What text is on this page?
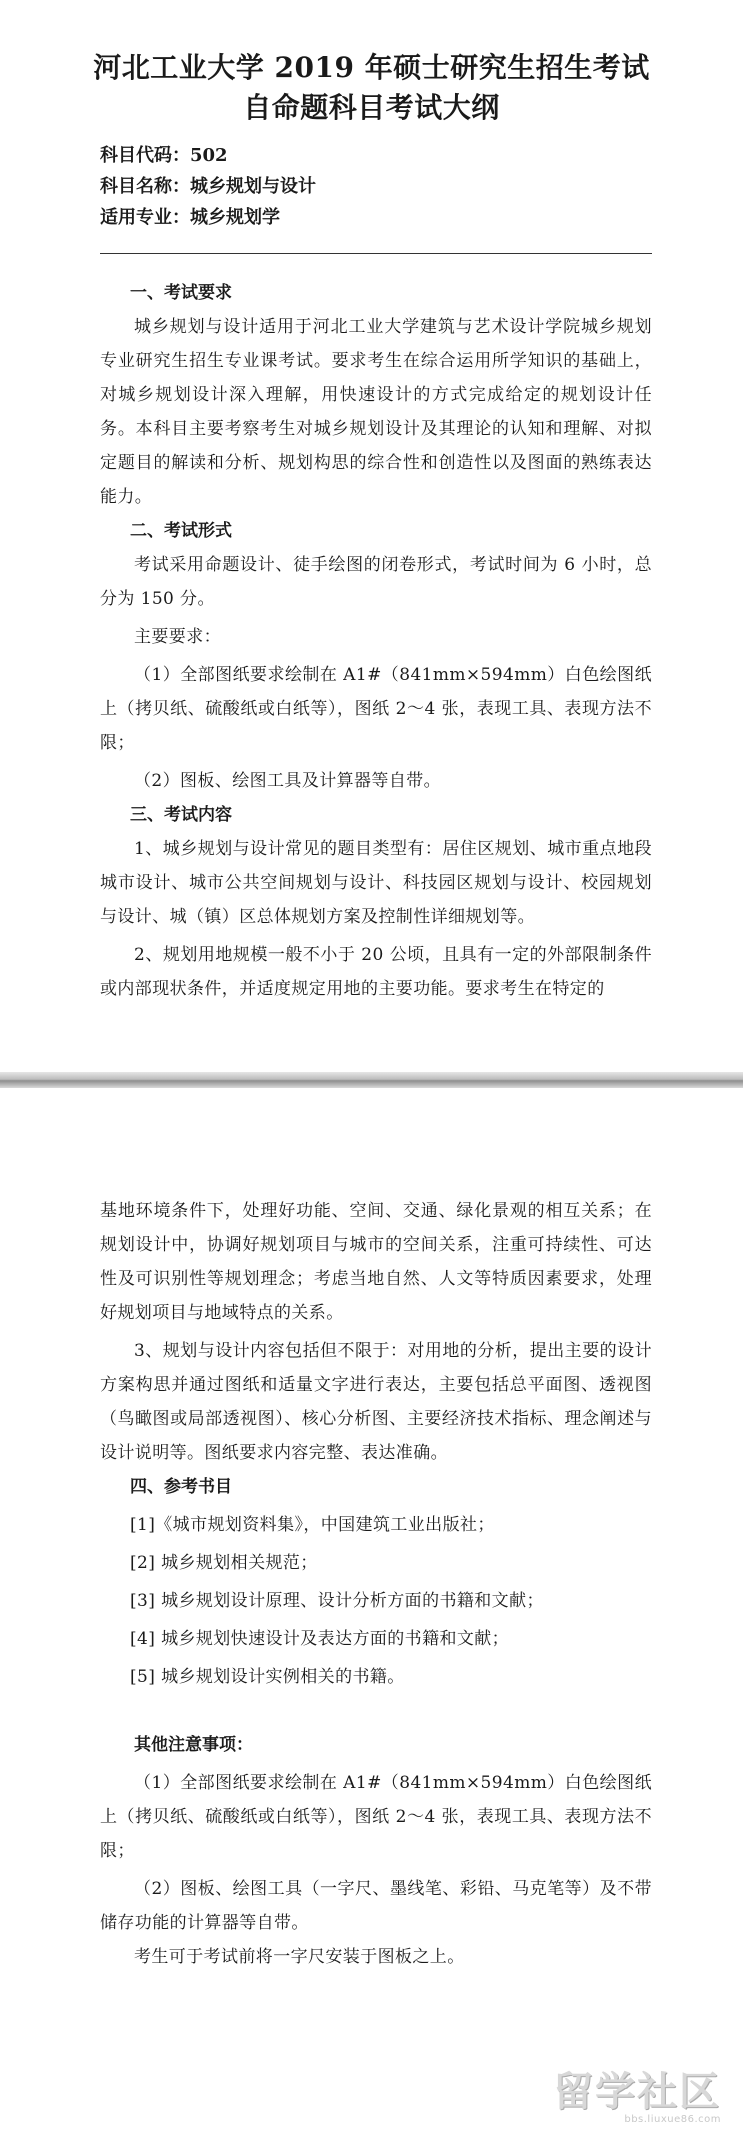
河北工业大学 2019 年硕士研究生招生考试
自命题科目考试大纲
科目代码：502
科目名称：城乡规划与设计
适用专业：城乡规划学
一、考试要求

城乡规划与设计适用于河北工业大学建筑与艺术设计学院城乡规划专业研究生招生专业课考试。要求考生在综合运用所学知识的基础上，对城乡规划设计深入理解，用快速设计的方式完成给定的规划设计任务。本科目主要考察考生对城乡规划设计及其理论的认知和理解、对拟定题目的解读和分析、规划构思的综合性和创造性以及图面的熟练表达能力。

二、考试形式

考试采用命题设计、徒手绘图的闭卷形式，考试时间为 6 小时，总分为 150 分。

主要要求：

（1）全部图纸要求绘制在 A1#（841mm×594mm）白色绘图纸上（拷贝纸、硫酸纸或白纸等），图纸 2～4 张，表现工具、表现方法不限；

（2）图板、绘图工具及计算器等自带。

三、考试内容

1、城乡规划与设计常见的题目类型有：居住区规划、城市重点地段城市设计、城市公共空间规划与设计、科技园区规划与设计、校园规划与设计、城（镇）区总体规划方案及控制性详细规划等。

2、规划用地规模一般不小于 20 公顷，且具有一定的外部限制条件或内部现状条件，并适度规定用地的主要功能。要求考生在特定的

基地环境条件下，处理好功能、空间、交通、绿化景观的相互关系；在规划设计中，协调好规划项目与城市的空间关系，注重可持续性、可达性及可识别性等规划理念；考虑当地自然、人文等特质因素要求，处理好规划项目与地域特点的关系。

3、规划与设计内容包括但不限于：对用地的分析，提出主要的设计方案构思并通过图纸和适量文字进行表达，主要包括总平面图、透视图（鸟瞰图或局部透视图）、核心分析图、主要经济技术指标、理念阐述与设计说明等。图纸要求内容完整、表达准确。

四、参考书目
[1]《城市规划资料集》，中国建筑工业出版社；
[2] 城乡规划相关规范；
[3] 城乡规划设计原理、设计分析方面的书籍和文献；
[4] 城乡规划快速设计及表达方面的书籍和文献；
[5] 城乡规划设计实例相关的书籍。
其他注意事项：

（1）全部图纸要求绘制在 A1#（841mm×594mm）白色绘图纸上（拷贝纸、硫酸纸或白纸等），图纸 2～4 张，表现工具、表现方法不限；

（2）图板、绘图工具（一字尺、墨线笔、彩铅、马克笔等）及不带储存功能的计算器等自带。

考生可于考试前将一字尺安装于图板之上。

留学社区
bbs.liuxue86.com
